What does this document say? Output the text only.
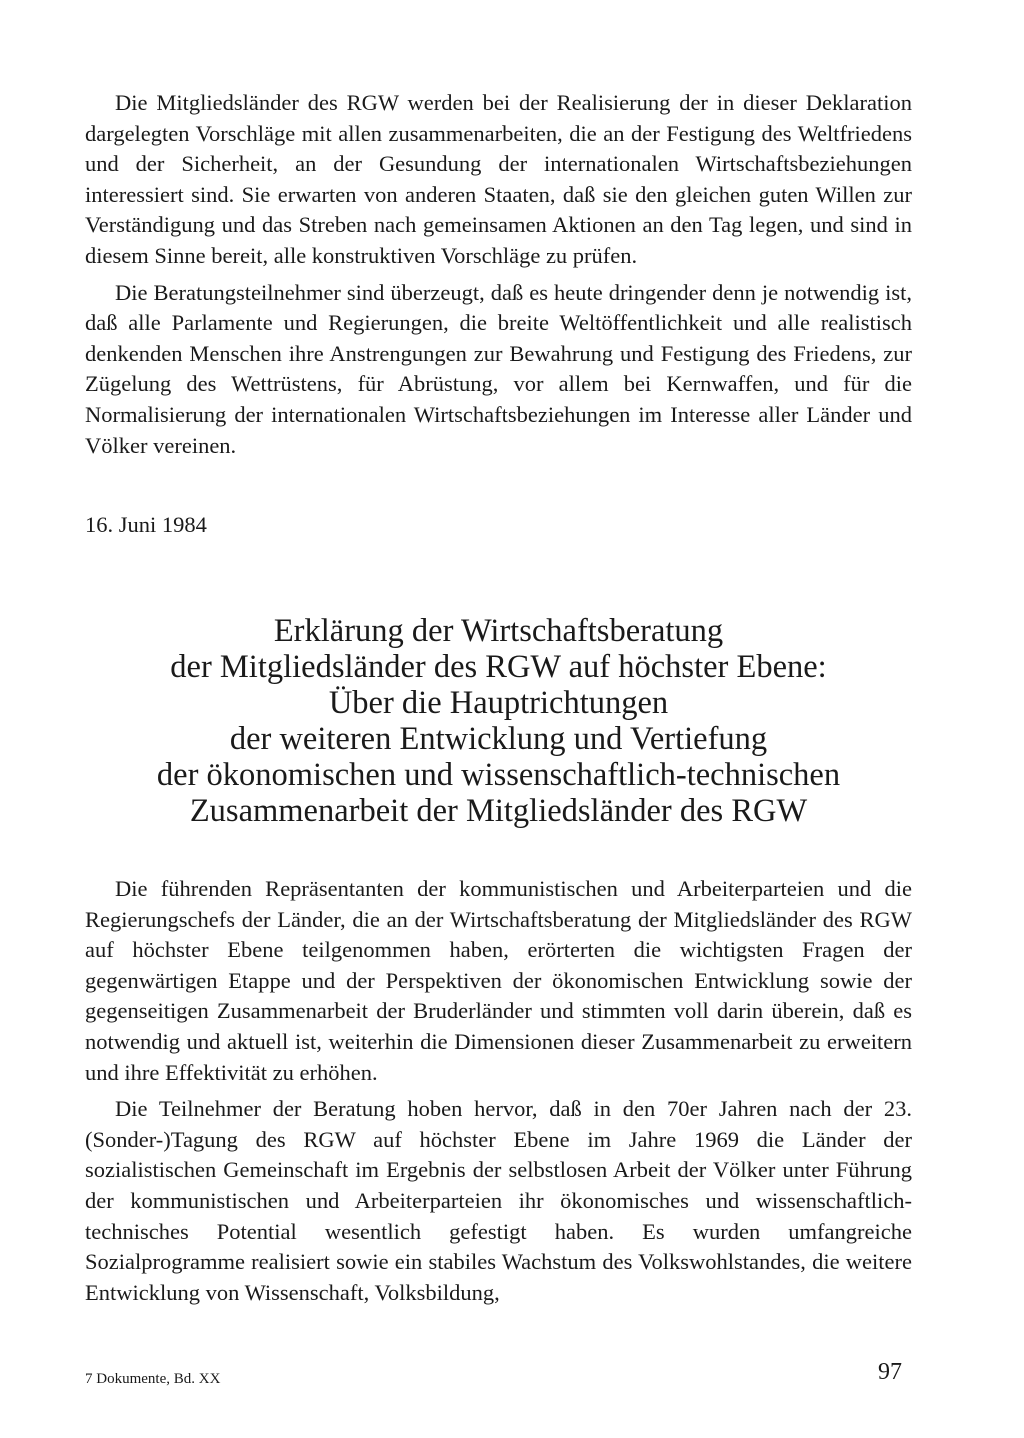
Die Mitgliedsländer des RGW werden bei der Realisierung der in dieser Deklaration dargelegten Vorschläge mit allen zusammenarbeiten, die an der Festigung des Weltfriedens und der Sicherheit, an der Gesundung der internationalen Wirtschaftsbeziehungen interessiert sind. Sie erwarten von anderen Staaten, daß sie den gleichen guten Willen zur Verständigung und das Streben nach gemeinsamen Aktionen an den Tag legen, und sind in diesem Sinne bereit, alle konstruktiven Vorschläge zu prüfen.

Die Beratungsteilnehmer sind überzeugt, daß es heute dringender denn je notwendig ist, daß alle Parlamente und Regierungen, die breite Weltöffentlichkeit und alle realistisch denkenden Menschen ihre Anstrengungen zur Bewahrung und Festigung des Friedens, zur Zügelung des Wettrüstens, für Abrüstung, vor allem bei Kernwaffen, und für die Normalisierung der internationalen Wirtschaftsbeziehungen im Interesse aller Länder und Völker vereinen.

16. Juni 1984

Erklärung der Wirtschaftsberatung
der Mitgliedsländer des RGW auf höchster Ebene:
Über die Hauptrichtungen
der weiteren Entwicklung und Vertiefung
der ökonomischen und wissenschaftlich-technischen
Zusammenarbeit der Mitgliedsländer des RGW

Die führenden Repräsentanten der kommunistischen und Arbeiterparteien und die Regierungschefs der Länder, die an der Wirtschaftsberatung der Mitgliedsländer des RGW auf höchster Ebene teilgenommen haben, erörterten die wichtigsten Fragen der gegenwärtigen Etappe und der Perspektiven der ökonomischen Entwicklung sowie der gegenseitigen Zusammenarbeit der Bruderländer und stimmten voll darin überein, daß es notwendig und aktuell ist, weiterhin die Dimensionen dieser Zusammenarbeit zu erweitern und ihre Effektivität zu erhöhen.

Die Teilnehmer der Beratung hoben hervor, daß in den 70er Jahren nach der 23. (Sonder-)Tagung des RGW auf höchster Ebene im Jahre 1969 die Länder der sozialistischen Gemeinschaft im Ergebnis der selbstlosen Arbeit der Völker unter Führung der kommunistischen und Arbeiterparteien ihr ökonomisches und wissenschaftlich-technisches Potential wesentlich gefestigt haben. Es wurden umfangreiche Sozialprogramme realisiert sowie ein stabiles Wachstum des Volkswohlstandes, die weitere Entwicklung von Wissenschaft, Volksbildung,

7 Dokumente, Bd. XX	97
